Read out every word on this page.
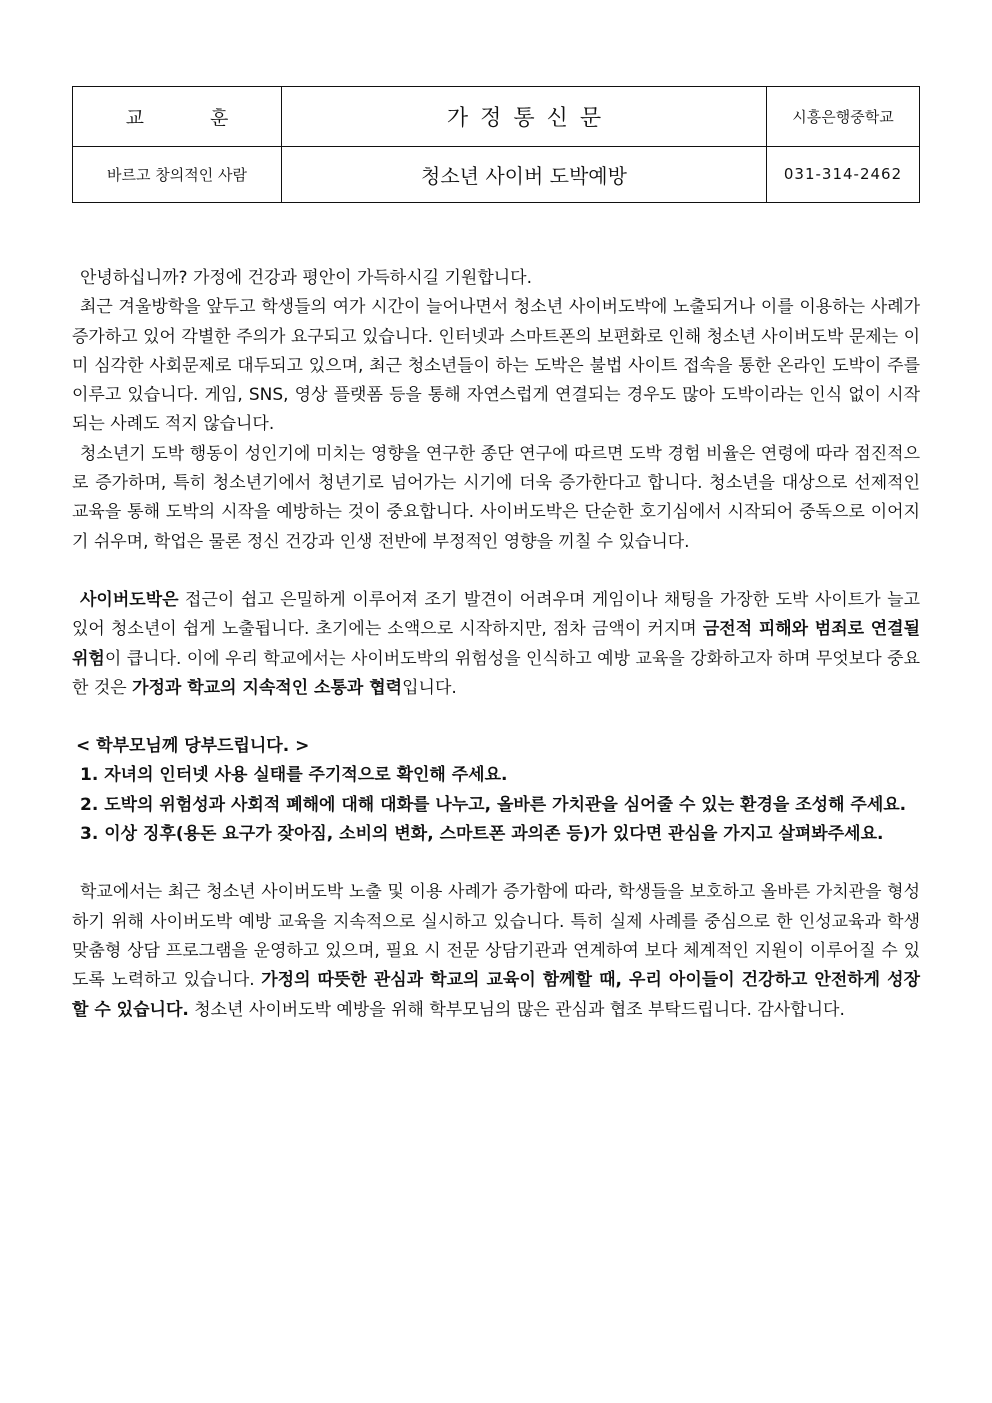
교 훈	가정통신문	시흥은행중학교
바르고 창의적인 사람	청소년 사이버 도박예방	031-314-2462

안녕하십니까? 가정에 건강과 평안이 가득하시길 기원합니다.

최근 겨울방학을 앞두고 학생들의 여가 시간이 늘어나면서 청소년 사이버도박에 노출되거나 이를 이용하는 사례가 증가하고 있어 각별한 주의가 요구되고 있습니다. 인터넷과 스마트폰의 보편화로 인해 청소년 사이버도박 문제는 이미 심각한 사회문제로 대두되고 있으며, 최근 청소년들이 하는 도박은 불법 사이트 접속을 통한 온라인 도박이 주를 이루고 있습니다. 게임, SNS, 영상 플랫폼 등을 통해 자연스럽게 연결되는 경우도 많아 도박이라는 인식 없이 시작되는 사례도 적지 않습니다.

청소년기 도박 행동이 성인기에 미치는 영향을 연구한 종단 연구에 따르면 도박 경험 비율은 연령에 따라 점진적으로 증가하며, 특히 청소년기에서 청년기로 넘어가는 시기에 더욱 증가한다고 합니다. 청소년을 대상으로 선제적인 교육을 통해 도박의 시작을 예방하는 것이 중요합니다. 사이버도박은 단순한 호기심에서 시작되어 중독으로 이어지기 쉬우며, 학업은 물론 정신 건강과 인생 전반에 부정적인 영향을 끼칠 수 있습니다.

사이버도박은 접근이 쉽고 은밀하게 이루어져 조기 발견이 어려우며 게임이나 채팅을 가장한 도박 사이트가 늘고 있어 청소년이 쉽게 노출됩니다. 초기에는 소액으로 시작하지만, 점차 금액이 커지며 금전적 피해와 범죄로 연결될 위험이 큽니다. 이에 우리 학교에서는 사이버도박의 위험성을 인식하고 예방 교육을 강화하고자 하며 무엇보다 중요한 것은 가정과 학교의 지속적인 소통과 협력입니다.

< 학부모님께 당부드립니다. >

1. 자녀의 인터넷 사용 실태를 주기적으로 확인해 주세요.
2. 도박의 위험성과 사회적 폐해에 대해 대화를 나누고, 올바른 가치관을 심어줄 수 있는 환경을 조성해 주세요.
3. 이상 징후(용돈 요구가 잦아짐, 소비의 변화, 스마트폰 과의존 등)가 있다면 관심을 가지고 살펴봐주세요.

학교에서는 최근 청소년 사이버도박 노출 및 이용 사례가 증가함에 따라, 학생들을 보호하고 올바른 가치관을 형성하기 위해 사이버도박 예방 교육을 지속적으로 실시하고 있습니다. 특히 실제 사례를 중심으로 한 인성교육과 학생 맞춤형 상담 프로그램을 운영하고 있으며, 필요 시 전문 상담기관과 연계하여 보다 체계적인 지원이 이루어질 수 있도록 노력하고 있습니다. 가정의 따뜻한 관심과 학교의 교육이 함께할 때, 우리 아이들이 건강하고 안전하게 성장할 수 있습니다. 청소년 사이버도박 예방을 위해 학부모님의 많은 관심과 협조 부탁드립니다. 감사합니다.
